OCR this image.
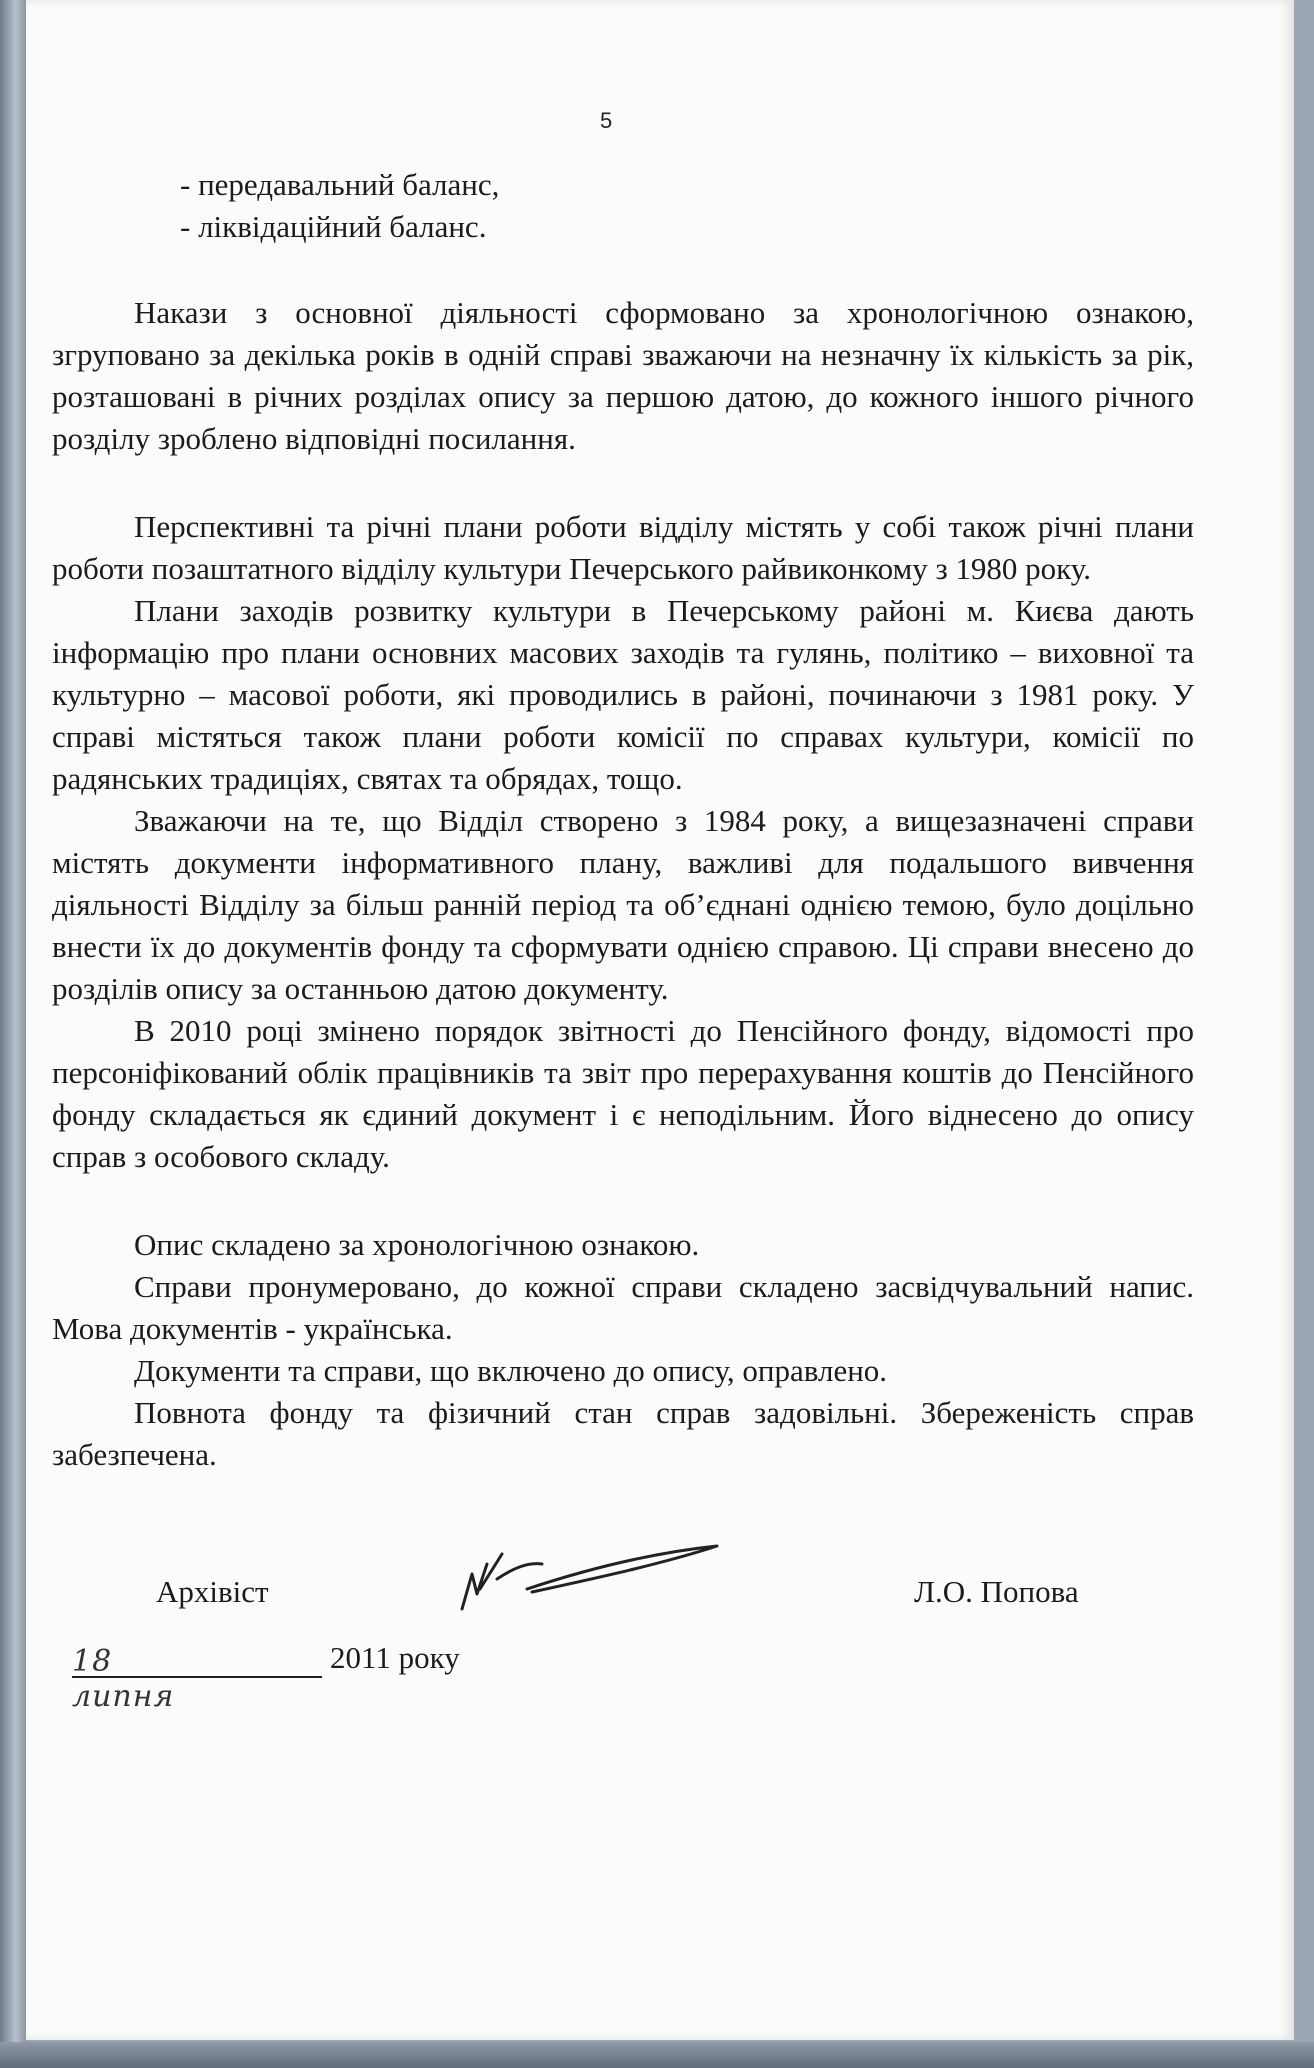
5

- передавальний баланс,

- ліквідаційний баланс.

Накази з основної діяльності сформовано за хронологічною ознакою, згруповано за декілька років в одній справі зважаючи на незначну їх кількість за рік, розташовані в річних розділах опису за першою датою, до кожного іншого річного розділу зроблено відповідні посилання.

Перспективні та річні плани роботи відділу містять у собі також річні плани роботи позаштатного відділу культури Печерського райвиконкому з 1980 року.

Плани заходів розвитку культури в Печерському районі м. Києва дають інформацію про плани основних масових заходів та гулянь, політико – виховної та культурно – масової роботи, які проводились в районі, починаючи з 1981 року. У справі містяться також плани роботи комісії по справах культури, комісії по радянських традиціях, святах та обрядах, тощо.

Зважаючи на те, що Відділ створено з 1984 року, а вищезазначені справи містять документи інформативного плану, важливі для подальшого вивчення діяльності Відділу за більш ранній період та об’єднані однією темою, було доцільно внести їх до документів фонду та сформувати однією справою. Ці справи внесено до розділів опису за останньою датою документу.

В 2010 році змінено порядок звітності до Пенсійного фонду, відомості про персоніфікований облік працівників та звіт про перерахування коштів до Пенсійного фонду складається як єдиний документ і є неподільним. Його віднесено до опису справ з особового складу.

Опис складено за хронологічною ознакою.

Справи пронумеровано, до кожної справи складено засвідчувальний напис. Мова документів - українська.

Документи та справи, що включено до опису, оправлено.

Повнота фонду та фізичний стан справ задовільні. Збереженість справ забезпечена.

Архівіст	Л.О. Попова
18 липня
2011 року
